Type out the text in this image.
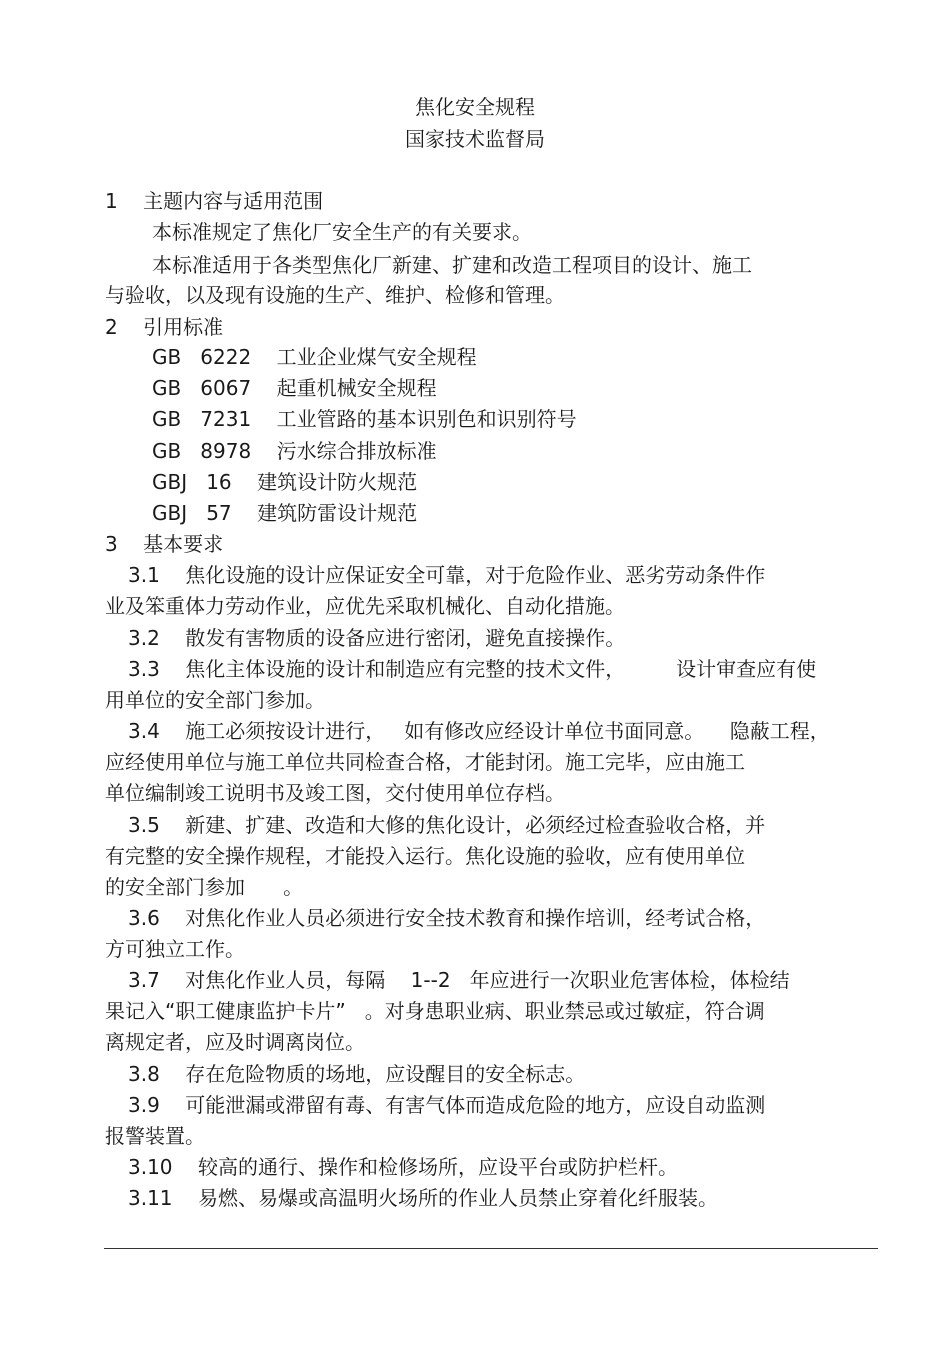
焦化安全规程
国家技术监督局
1    主题内容与适用范围
本标准规定了焦化厂安全生产的有关要求。
本标准适用于各类型焦化厂新建、扩建和改造工程项目的设计、施工
与验收，以及现有设施的生产、维护、检修和管理。
2    引用标准
GB   6222    工业企业煤气安全规程
GB   6067    起重机械安全规程
GB   7231    工业管路的基本识别色和识别符号
GB   8978    污水综合排放标准
GBJ   16    建筑设计防火规范
GBJ   57    建筑防雷设计规范
3    基本要求
3.1    焦化设施的设计应保证安全可靠，对于危险作业、恶劣劳动条件作
业及笨重体力劳动作业，应优先采取机械化、自动化措施。
3.2    散发有害物质的设备应进行密闭，避免直接操作。
3.3    焦化主体设施的设计和制造应有完整的技术文件，        设计审查应有使
用单位的安全部门参加。
3.4    施工必须按设计进行，   如有修改应经设计单位书面同意。    隐蔽工程，
应经使用单位与施工单位共同检查合格，才能封闭。施工完毕，应由施工
单位编制竣工说明书及竣工图，交付使用单位存档。
3.5    新建、扩建、改造和大修的焦化设计，必须经过检查验收合格，并
有完整的安全操作规程，才能投入运行。焦化设施的验收，应有使用单位
的安全部门参加      。
3.6    对焦化作业人员必须进行安全技术教育和操作培训，经考试合格，
方可独立工作。
3.7    对焦化作业人员，每隔    1--2   年应进行一次职业危害体检，体检结
果记入“职工健康监护卡片”   。对身患职业病、职业禁忌或过敏症，符合调
离规定者，应及时调离岗位。
3.8    存在危险物质的场地，应设醒目的安全标志。
3.9    可能泄漏或滞留有毒、有害气体而造成危险的地方，应设自动监测
报警装置。
3.10    较高的通行、操作和检修场所，应设平台或防护栏杆。
3.11    易燃、易爆或高温明火场所的作业人员禁止穿着化纤服装。
